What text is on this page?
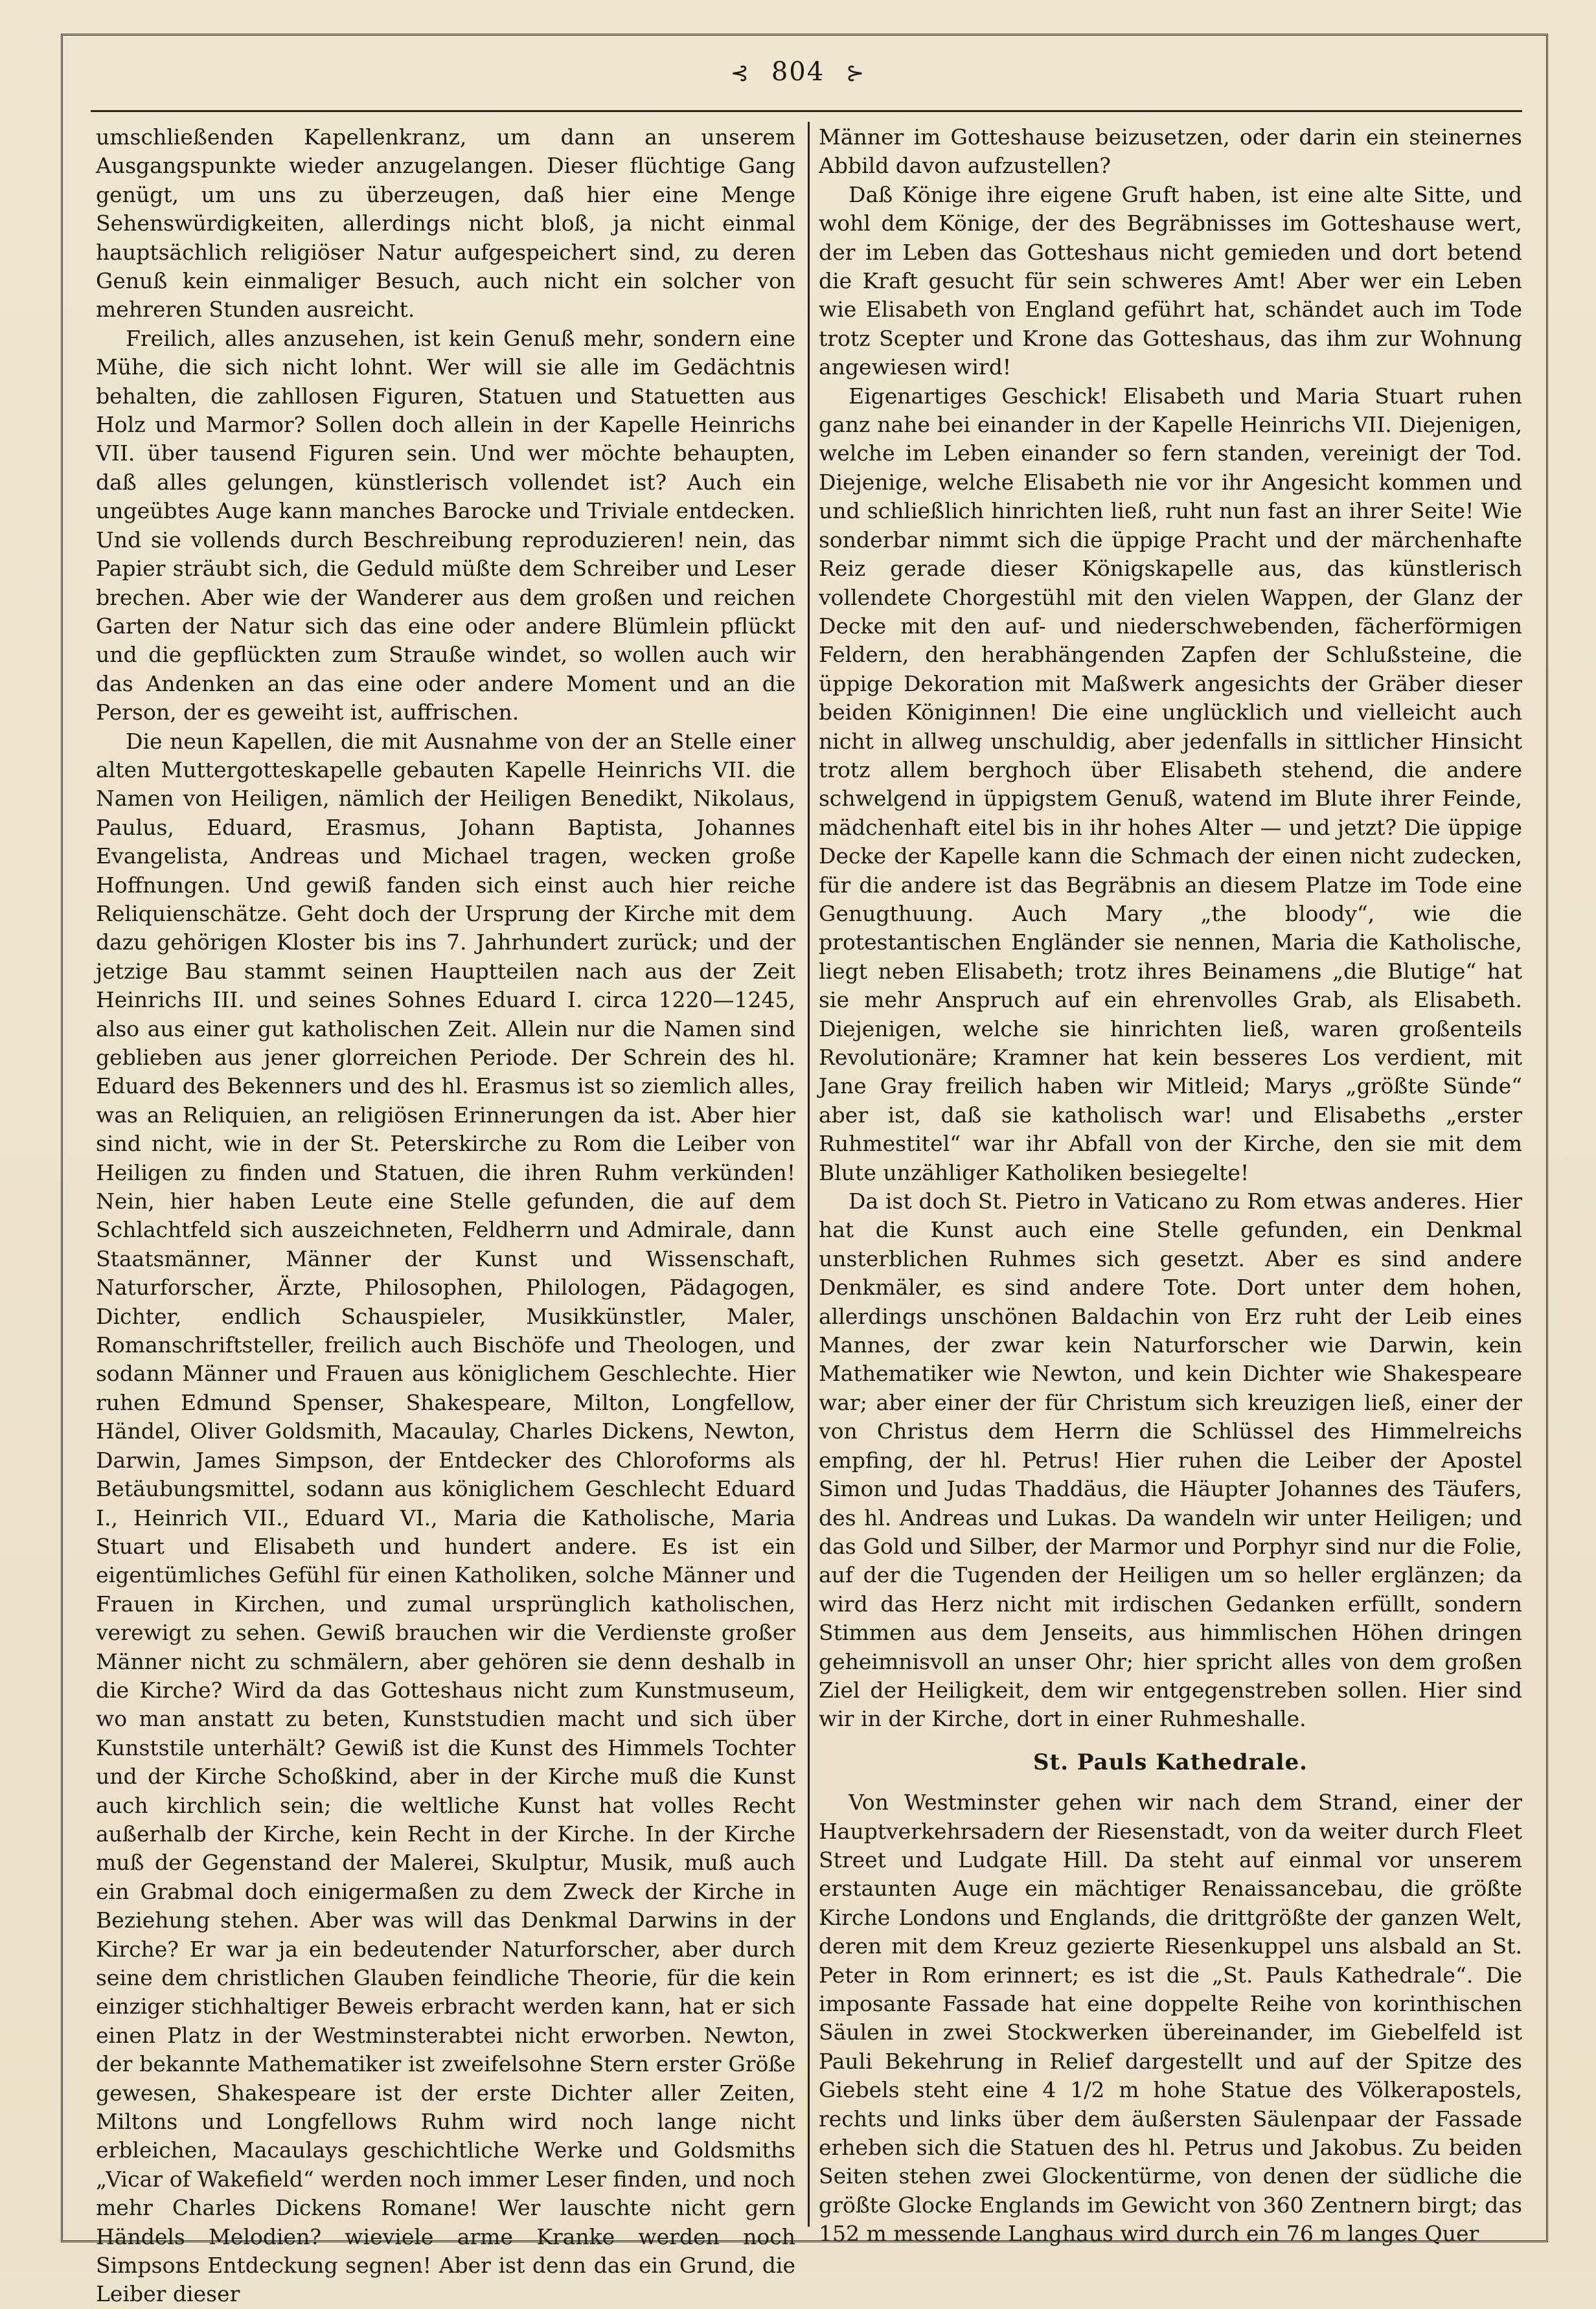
⊰ 804 ⊱

umschließenden Kapellenkranz, um dann an unserem Ausgangspunkte wieder anzugelangen. Dieser flüchtige Gang genügt, um uns zu überzeugen, daß hier eine Menge Sehenswürdigkeiten, allerdings nicht bloß, ja nicht einmal hauptsächlich religiöser Natur aufgespeichert sind, zu deren Genuß kein einmaliger Besuch, auch nicht ein solcher von mehreren Stunden ausreicht.

Freilich, alles anzusehen, ist kein Genuß mehr, sondern eine Mühe, die sich nicht lohnt. Wer will sie alle im Gedächtnis behalten, die zahllosen Figuren, Statuen und Statuetten aus Holz und Marmor? Sollen doch allein in der Kapelle Heinrichs VII. über tausend Figuren sein. Und wer möchte behaupten, daß alles gelungen, künstlerisch vollendet ist? Auch ein ungeübtes Auge kann manches Barocke und Triviale entdecken. Und sie vollends durch Beschreibung reproduzieren! nein, das Papier sträubt sich, die Geduld müßte dem Schreiber und Leser brechen. Aber wie der Wanderer aus dem großen und reichen Garten der Natur sich das eine oder andere Blümlein pflückt und die gepflückten zum Strauße windet, so wollen auch wir das Andenken an das eine oder andere Moment und an die Person, der es geweiht ist, auffrischen.

Die neun Kapellen, die mit Ausnahme von der an Stelle einer alten Muttergotteskapelle gebauten Kapelle Heinrichs VII. die Namen von Heiligen, nämlich der Heiligen Benedikt, Nikolaus, Paulus, Eduard, Erasmus, Johann Baptista, Johannes Evangelista, Andreas und Michael tragen, wecken große Hoffnungen. Und gewiß fanden sich einst auch hier reiche Reliquienschätze. Geht doch der Ursprung der Kirche mit dem dazu gehörigen Kloster bis ins 7. Jahrhundert zurück; und der jetzige Bau stammt seinen Hauptteilen nach aus der Zeit Heinrichs III. und seines Sohnes Eduard I. circa 1220—1245, also aus einer gut katholischen Zeit. Allein nur die Namen sind geblieben aus jener glorreichen Periode. Der Schrein des hl. Eduard des Bekenners und des hl. Erasmus ist so ziemlich alles, was an Reliquien, an religiösen Erinnerungen da ist. Aber hier sind nicht, wie in der St. Peterskirche zu Rom die Leiber von Heiligen zu finden und Statuen, die ihren Ruhm verkünden! Nein, hier haben Leute eine Stelle gefunden, die auf dem Schlachtfeld sich auszeichneten, Feldherrn und Admirale, dann Staatsmänner, Männer der Kunst und Wissenschaft, Naturforscher, Ärzte, Philosophen, Philologen, Pädagogen, Dichter, endlich Schauspieler, Musikkünstler, Maler, Romanschriftsteller, freilich auch Bischöfe und Theologen, und sodann Männer und Frauen aus königlichem Geschlechte. Hier ruhen Edmund Spenser, Shakespeare, Milton, Longfellow, Händel, Oliver Goldsmith, Macaulay, Charles Dickens, Newton, Darwin, James Simpson, der Entdecker des Chloroforms als Betäubungsmittel, sodann aus königlichem Geschlecht Eduard I., Heinrich VII., Eduard VI., Maria die Katholische, Maria Stuart und Elisabeth und hundert andere. Es ist ein eigentümliches Gefühl für einen Katholiken, solche Männer und Frauen in Kirchen, und zumal ursprünglich katholischen, verewigt zu sehen. Gewiß brauchen wir die Verdienste großer Männer nicht zu schmälern, aber gehören sie denn deshalb in die Kirche? Wird da das Gotteshaus nicht zum Kunstmuseum, wo man anstatt zu beten, Kunststudien macht und sich über Kunststile unterhält? Gewiß ist die Kunst des Himmels Tochter und der Kirche Schoßkind, aber in der Kirche muß die Kunst auch kirchlich sein; die weltliche Kunst hat volles Recht außerhalb der Kirche, kein Recht in der Kirche. In der Kirche muß der Gegenstand der Malerei, Skulptur, Musik, muß auch ein Grabmal doch einigermaßen zu dem Zweck der Kirche in Beziehung stehen. Aber was will das Denkmal Darwins in der Kirche? Er war ja ein bedeutender Naturforscher, aber durch seine dem christlichen Glauben feindliche Theorie, für die kein einziger stichhaltiger Beweis erbracht werden kann, hat er sich einen Platz in der Westminsterabtei nicht erworben. Newton, der bekannte Mathematiker ist zweifelsohne Stern erster Größe gewesen, Shakespeare ist der erste Dichter aller Zeiten, Miltons und Longfellows Ruhm wird noch lange nicht erbleichen, Macaulays geschichtliche Werke und Goldsmiths „Vicar of Wakefield“ werden noch immer Leser finden, und noch mehr Charles Dickens Romane! Wer lauschte nicht gern Händels Melodien? wieviele arme Kranke werden noch Simpsons Entdeckung segnen! Aber ist denn das ein Grund, die Leiber dieser

Männer im Gotteshause beizusetzen, oder darin ein steinernes Abbild davon aufzustellen?

Daß Könige ihre eigene Gruft haben, ist eine alte Sitte, und wohl dem Könige, der des Begräbnisses im Gotteshause wert, der im Leben das Gotteshaus nicht gemieden und dort betend die Kraft gesucht für sein schweres Amt! Aber wer ein Leben wie Elisabeth von England geführt hat, schändet auch im Tode trotz Scepter und Krone das Gotteshaus, das ihm zur Wohnung angewiesen wird!

Eigenartiges Geschick! Elisabeth und Maria Stuart ruhen ganz nahe bei einander in der Kapelle Heinrichs VII. Diejenigen, welche im Leben einander so fern standen, vereinigt der Tod. Diejenige, welche Elisabeth nie vor ihr Angesicht kommen und und schließlich hinrichten ließ, ruht nun fast an ihrer Seite! Wie sonderbar nimmt sich die üppige Pracht und der märchenhafte Reiz gerade dieser Königskapelle aus, das künstlerisch vollendete Chorgestühl mit den vielen Wappen, der Glanz der Decke mit den auf- und niederschwebenden, fächerförmigen Feldern, den herabhängenden Zapfen der Schlußsteine, die üppige Dekoration mit Maßwerk angesichts der Gräber dieser beiden Königinnen! Die eine unglücklich und vielleicht auch nicht in allweg unschuldig, aber jedenfalls in sittlicher Hinsicht trotz allem berghoch über Elisabeth stehend, die andere schwelgend in üppigstem Genuß, watend im Blute ihrer Feinde, mädchenhaft eitel bis in ihr hohes Alter — und jetzt? Die üppige Decke der Kapelle kann die Schmach der einen nicht zudecken, für die andere ist das Begräbnis an diesem Platze im Tode eine Genugthuung. Auch Mary „the bloody“, wie die protestantischen Engländer sie nennen, Maria die Katholische, liegt neben Elisabeth; trotz ihres Beinamens „die Blutige“ hat sie mehr Anspruch auf ein ehrenvolles Grab, als Elisabeth. Diejenigen, welche sie hinrichten ließ, waren großenteils Revolutionäre; Kramner hat kein besseres Los verdient, mit Jane Gray freilich haben wir Mitleid; Marys „größte Sünde“ aber ist, daß sie katholisch war! und Elisabeths „erster Ruhmestitel“ war ihr Abfall von der Kirche, den sie mit dem Blute unzähliger Katholiken besiegelte!

Da ist doch St. Pietro in Vaticano zu Rom etwas anderes. Hier hat die Kunst auch eine Stelle gefunden, ein Denkmal unsterblichen Ruhmes sich gesetzt. Aber es sind andere Denkmäler, es sind andere Tote. Dort unter dem hohen, allerdings unschönen Baldachin von Erz ruht der Leib eines Mannes, der zwar kein Naturforscher wie Darwin, kein Mathematiker wie Newton, und kein Dichter wie Shakespeare war; aber einer der für Christum sich kreuzigen ließ, einer der von Christus dem Herrn die Schlüssel des Himmelreichs empfing, der hl. Petrus! Hier ruhen die Leiber der Apostel Simon und Judas Thaddäus, die Häupter Johannes des Täufers, des hl. Andreas und Lukas. Da wandeln wir unter Heiligen; und das Gold und Silber, der Marmor und Porphyr sind nur die Folie, auf der die Tugenden der Heiligen um so heller erglänzen; da wird das Herz nicht mit irdischen Gedanken erfüllt, sondern Stimmen aus dem Jenseits, aus himmlischen Höhen dringen geheimnisvoll an unser Ohr; hier spricht alles von dem großen Ziel der Heiligkeit, dem wir entgegenstreben sollen. Hier sind wir in der Kirche, dort in einer Ruhmeshalle.

St. Pauls Kathedrale.

Von Westminster gehen wir nach dem Strand, einer der Hauptverkehrsadern der Riesenstadt, von da weiter durch Fleet Street und Ludgate Hill. Da steht auf einmal vor unserem erstaunten Auge ein mächtiger Renaissancebau, die größte Kirche Londons und Englands, die drittgrößte der ganzen Welt, deren mit dem Kreuz gezierte Riesenkuppel uns alsbald an St. Peter in Rom erinnert; es ist die „St. Pauls Kathedrale“. Die imposante Fassade hat eine doppelte Reihe von korinthischen Säulen in zwei Stockwerken übereinander, im Giebelfeld ist Pauli Bekehrung in Relief dargestellt und auf der Spitze des Giebels steht eine 4 1/2 m hohe Statue des Völkerapostels, rechts und links über dem äußersten Säulenpaar der Fassade erheben sich die Statuen des hl. Petrus und Jakobus. Zu beiden Seiten stehen zwei Glockentürme, von denen der südliche die größte Glocke Englands im Gewicht von 360 Zentnern birgt; das 152 m messende Langhaus wird durch ein 76 m langes Quer
